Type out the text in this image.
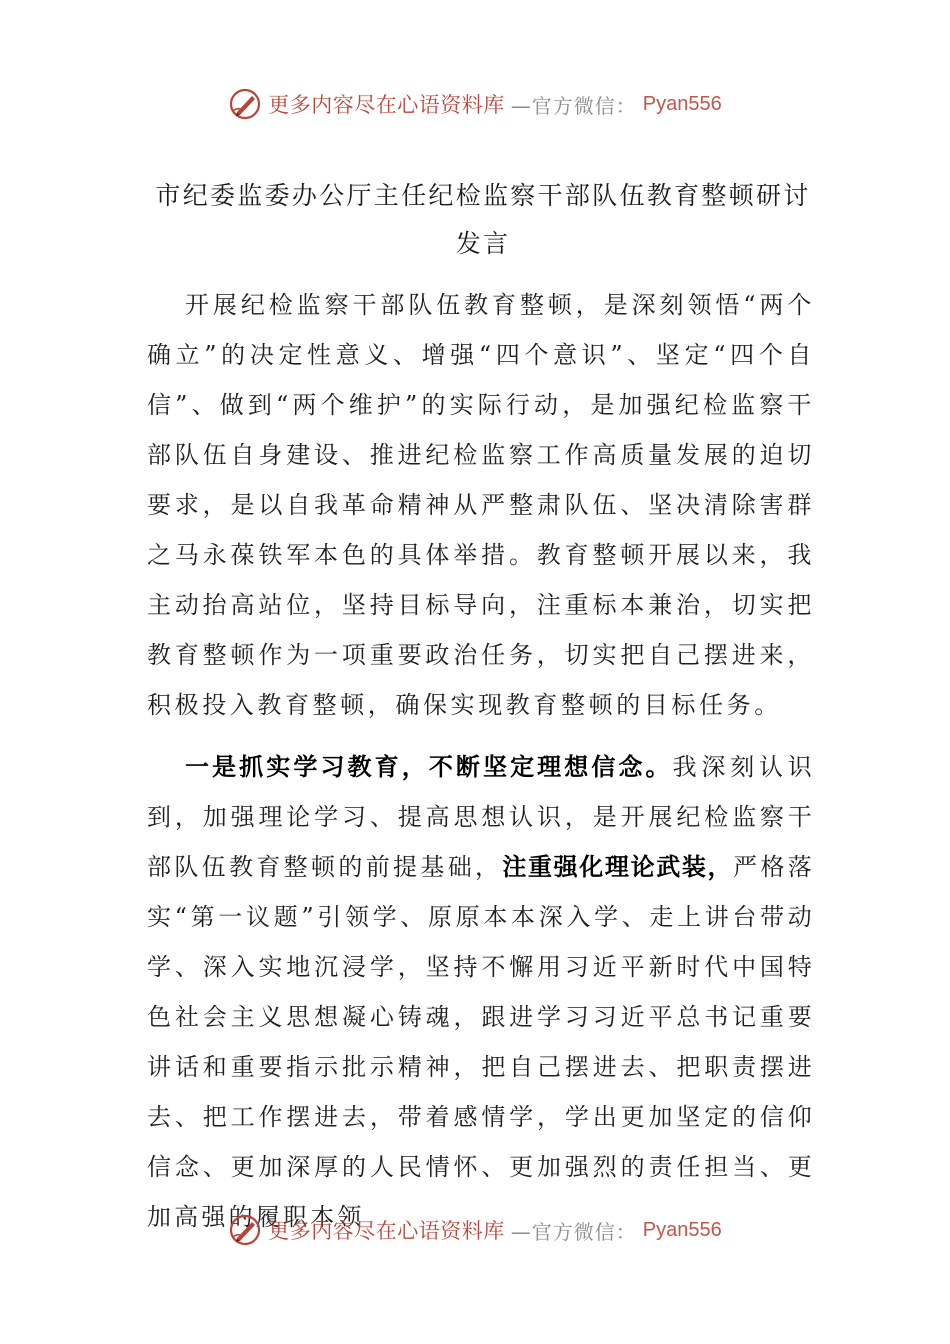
更多内容尽在心语资料库 —官方微信： Pyan556
市纪委监委办公厅主任纪检监察干部队伍教育整顿研讨发言

开展纪检监察干部队伍教育整顿，是深刻领悟“两个确立”的决定性意义、增强“四个意识”、坚定“四个自信”、做到“两个维护”的实际行动，是加强纪检监察干部队伍自身建设、推进纪检监察工作高质量发展的迫切要求，是以自我革命精神从严整肃队伍、坚决清除害群之马永葆铁军本色的具体举措。教育整顿开展以来，我主动抬高站位，坚持目标导向，注重标本兼治，切实把教育整顿作为一项重要政治任务，切实把自己摆进来，积极投入教育整顿，确保实现教育整顿的目标任务。

一是抓实学习教育，不断坚定理想信念。我深刻认识到，加强理论学习、提高思想认识，是开展纪检监察干部队伍教育整顿的前提基础，注重强化理论武装，严格落实“第一议题”引领学、原原本本深入学、走上讲台带动学、深入实地沉浸学，坚持不懈用习近平新时代中国特色社会主义思想凝心铸魂，跟进学习习近平总书记重要讲话和重要指示批示精神，把自己摆进去、把职责摆进去、把工作摆进去，带着感情学，学出更加坚定的信仰信念、更加深厚的人民情怀、更加强烈的责任担当、更加高强的履职本领

更多内容尽在心语资料库 —官方微信： Pyan556
